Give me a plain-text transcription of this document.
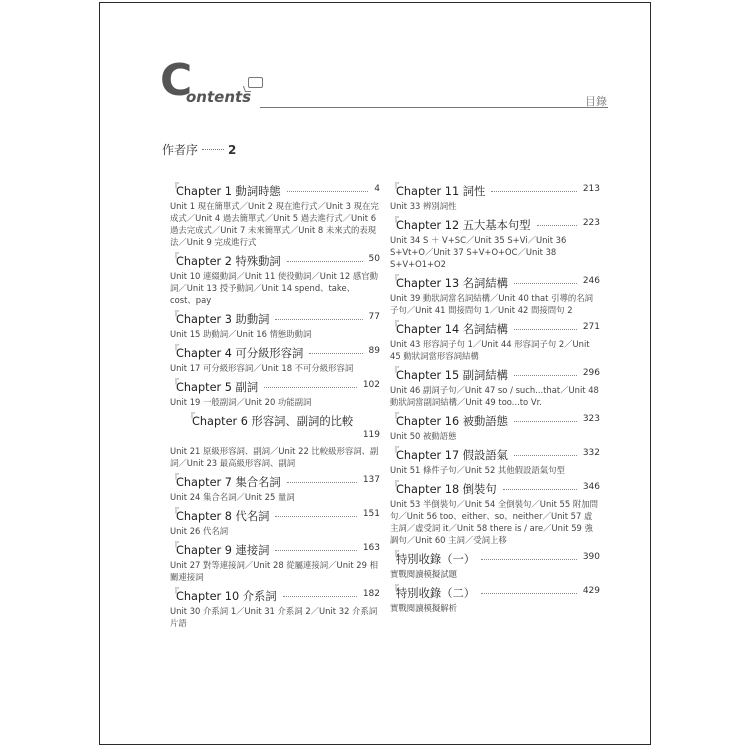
C
ontents	目錄
作者序	2
『
Chapter 1 動詞時態	4
Unit 1 現在簡單式／Unit 2 現在進行式／Unit 3 現在完成式／Unit 4 過去簡單式／Unit 5 過去進行式／Unit 6 過去完成式／Unit 7 未來簡單式／Unit 8 未來式的表現法／Unit 9 完成進行式
『
Chapter 2 特殊動詞	50
Unit 10 連綴動詞／Unit 11 使役動詞／Unit 12 感官動詞／Unit 13 授予動詞／Unit 14 spend、take、cost、pay
『
Chapter 3 助動詞	77
Unit 15 助動詞／Unit 16 情態助動詞
『
Chapter 4 可分級形容詞	89
Unit 17 可分級形容詞／Unit 18 不可分級形容詞
『
Chapter 5 副詞	102
Unit 19 一般副詞／Unit 20 功能副詞
『
Chapter 6 形容詞、副詞的比較
119
Unit 21 原級形容詞、副詞／Unit 22 比較級形容詞、副詞／Unit 23 最高級形容詞、副詞
『
Chapter 7 集合名詞	137
Unit 24 集合名詞／Unit 25 量詞
『
Chapter 8 代名詞	151
Unit 26 代名詞
『
Chapter 9 連接詞	163
Unit 27 對等連接詞／Unit 28 從屬連接詞／Unit 29 相關連接詞
『
Chapter 10 介系詞	182
Unit 30 介系詞 1／Unit 31 介系詞 2／Unit 32 介系詞片語
『
Chapter 11 詞性	213
Unit 33 辨別詞性
『
Chapter 12 五大基本句型	223
Unit 34 S ＋ V+SC／Unit 35 S+Vi／Unit 36 S+Vt+O／Unit 37 S+V+O+OC／Unit 38 S+V+O1+O2
『
Chapter 13 名詞結構	246
Unit 39 動狀詞當名詞結構／Unit 40 that 引導的名詞子句／Unit 41 間接問句 1／Unit 42 間接問句 2
『
Chapter 14 名詞結構	271
Unit 43 形容詞子句 1／Unit 44 形容詞子句 2／Unit 45 動狀詞當形容詞結構
『
Chapter 15 副詞結構	296
Unit 46 副詞子句／Unit 47 so / such...that／Unit 48 動狀詞當副詞結構／Unit 49 too...to Vr.
『
Chapter 16 被動語態	323
Unit 50 被動語態
『
Chapter 17 假設語氣	332
Unit 51 條件子句／Unit 52 其他假設語氣句型
『
Chapter 18 倒裝句	346
Unit 53 半倒裝句／Unit 54 全倒裝句／Unit 55 附加問句／Unit 56 too、either、so、neither／Unit 57 虛主詞／虛受詞 it／Unit 58 there is / are／Unit 59 強調句／Unit 60 主詞／受詞上移
『
特別收錄（一）	390
實戰閱讀模擬試題
『
特別收錄（二）	429
實戰閱讀模擬解析
